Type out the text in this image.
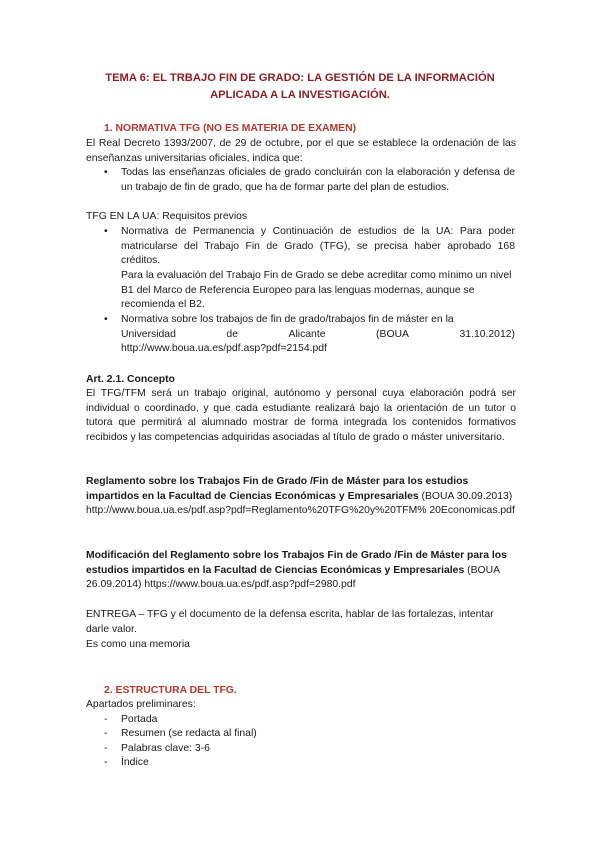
TEMA 6: EL TRBAJO FIN DE GRADO: LA GESTIÓN DE LA INFORMACIÓN
APLICADA A LA INVESTIGACIÓN.
1. NORMATIVA TFG (NO ES MATERIA DE EXAMEN)
El Real Decreto 1393/2007, de 29 de octubre, por el que se establece la ordenación de las enseñanzas universitarias oficiales, indica que:
• Todas las enseñanzas oficiales de grado concluirán con la elaboración y defensa de un trabajo de fin de grado, que ha de formar parte del plan de estudios.
TFG EN LA UA: Requisitos previos
• Normativa de Permanencia y Continuación de estudios de la UA: Para poder matricularse del Trabajo Fin de Grado (TFG), se precisa haber aprobado 168 créditos.
Para la evaluación del Trabajo Fin de Grado se debe acreditar como mínimo un nivel B1 del Marco de Referencia Europeo para las lenguas modernas, aunque se recomienda el B2.
• Normativa sobre los trabajos de fin de grado/trabajos fin de máster en la
Universidad	de	Alicante	(BOUA	31.10.2012)
http://www.boua.ua.es/pdf.asp?pdf=2154.pdf
Art. 2.1. Concepto
El TFG/TFM será un trabajo original, autónomo y personal cuya elaboración podrá ser individual o coordinado, y que cada estudiante realizará bajo la orientación de un tutor o tutora que permitirá al alumnado mostrar de forma integrada los contenidos formativos recibidos y las competencias adquiridas asociadas al título de grado o máster universitario.
Reglamento sobre los Trabajos Fin de Grado /Fin de Máster para los estudios impartidos en la Facultad de Ciencias Económicas y Empresariales (BOUA 30.09.2013) http://www.boua.ua.es/pdf.asp?pdf=Reglamento%20TFG%20y%20TFM% 20Economicas.pdf
Modificación del Reglamento sobre los Trabajos Fin de Grado /Fin de Máster para los estudios impartidos en la Facultad de Ciencias Económicas y Empresariales (BOUA 26.09.2014) https://www.boua.ua.es/pdf.asp?pdf=2980.pdf
ENTREGA – TFG y el documento de la defensa escrita, hablar de las fortalezas, intentar darle valor.
Es como una memoria
2. ESTRUCTURA DEL TFG.
Apartados preliminares:
- Portada
- Resumen (se redacta al final)
- Palabras clave: 3-6
- Índice
